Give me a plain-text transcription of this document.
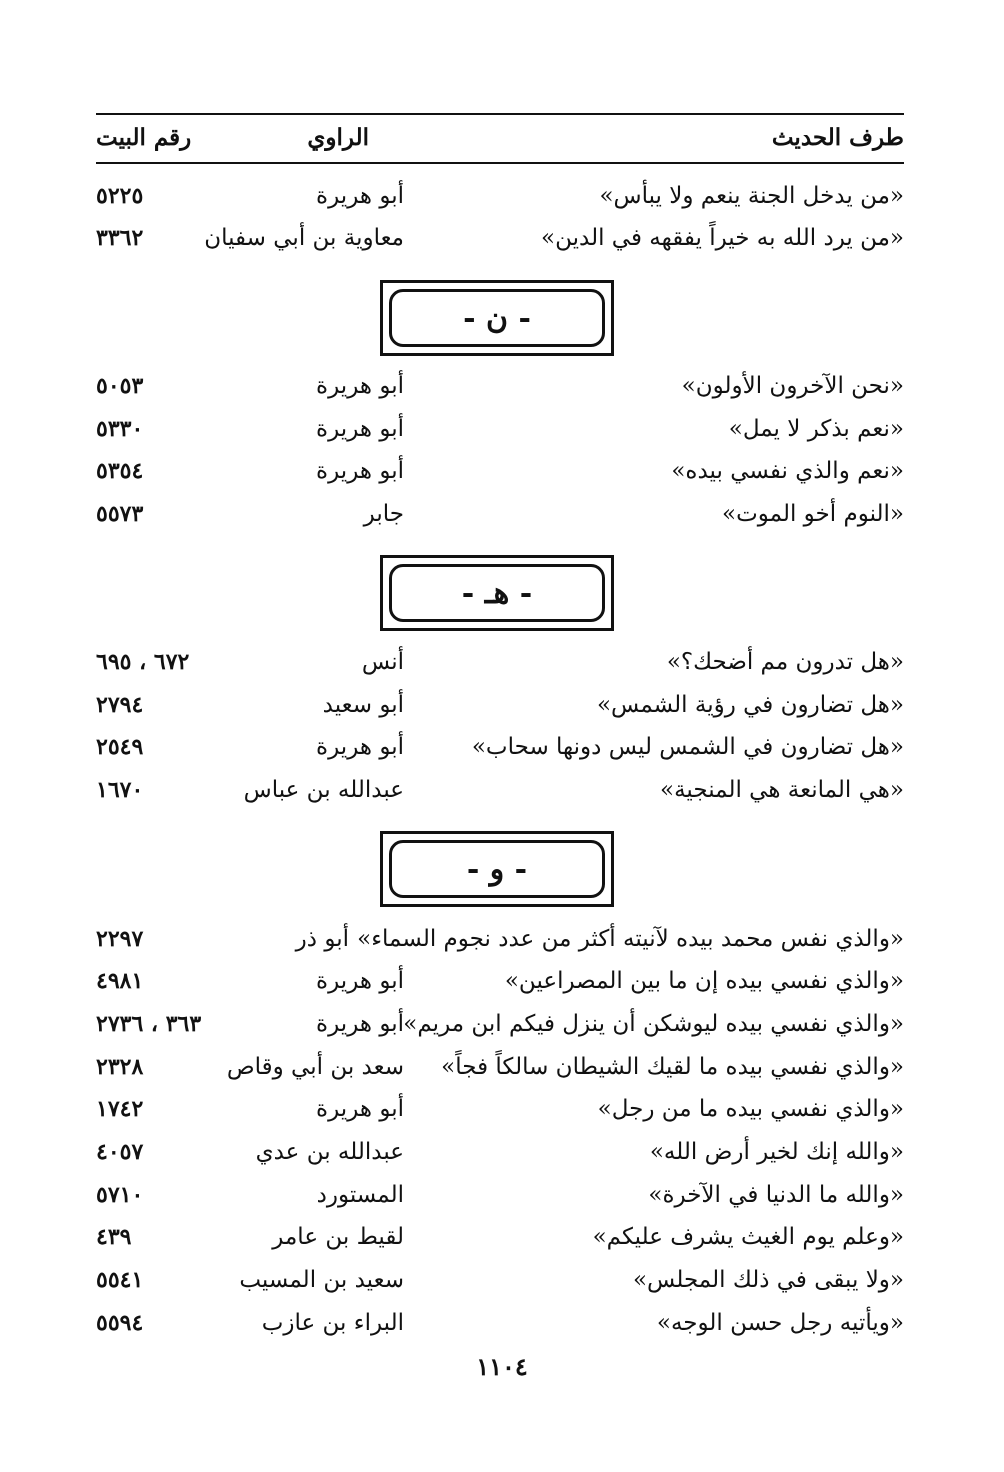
طرف الحديث
الراوي
رقم البيت
«من يدخل الجنة ينعم ولا يبأس»
أبو هريرة
٥٢٢٥
«من يرد الله به خيراً يفقهه في الدين»
معاوية بن أبي سفيان
٣٣٦٢
- ن -
«نحن الآخرون الأولون»
أبو هريرة
٥٠٥٣
«نعم بذكر لا يمل»
أبو هريرة
٥٣٣٠
«نعم والذي نفسي بيده»
أبو هريرة
٥٣٥٤
«النوم أخو الموت»
جابر
٥٥٧٣
- هـ -
«هل تدرون مم أضحك؟»
أنس
٦٧٢ ، ٦٩٥
«هل تضارون في رؤية الشمس»
أبو سعيد
٢٧٩٤
«هل تضارون في الشمس ليس دونها سحاب»
أبو هريرة
٢٥٤٩
«هي المانعة هي المنجية»
عبدالله بن عباس
١٦٧٠
- و -
«والذي نفس محمد بيده لآنيته أكثر من عدد نجوم السماء»
أبو ذر
٢٢٩٧
«والذي نفسي بيده إن ما بين المصراعين»
أبو هريرة
٤٩٨١
«والذي نفسي بيده ليوشكن أن ينزل فيكم ابن مريم»
أبو هريرة
٣٦٣ ، ٢٧٣٦
«والذي نفسي بيده ما لقيك الشيطان سالكاً فجاً»
سعد بن أبي وقاص
٢٣٢٨
«والذي نفسي بيده ما من رجل»
أبو هريرة
١٧٤٢
«والله إنك لخير أرض الله»
عبدالله بن عدي
٤٠٥٧
«والله ما الدنيا في الآخرة»
المستورد
٥٧١٠
«وعلم يوم الغيث يشرف عليكم»
لقيط بن عامر
٤٣٩
«ولا يبقى في ذلك المجلس»
سعيد بن المسيب
٥٥٤١
«ويأتيه رجل حسن الوجه»
البراء بن عازب
٥٥٩٤
١١٠٤
